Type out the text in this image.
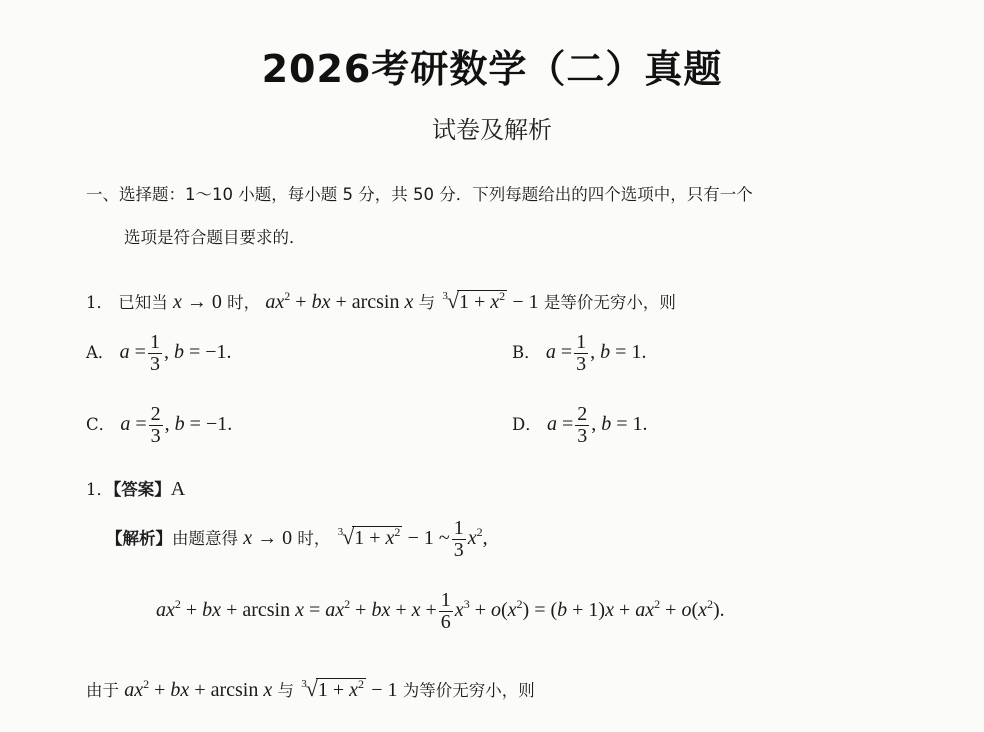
2026考研数学（二）真题
试卷及解析
一、选择题：1～10 小题，每小题 5 分，共 50 分．下列每题给出的四个选项中，只有一个
选项是符合题目要求的．
1． 已知当 x → 0 时， $ax^2$ + bx + arcsin x 与 $^3√1 + x^2 - 1$ 是等价无穷小，则
A． $a = \frac{1}{3}$ , b = −1.	B． $a = \frac{1}{3}$ , b = 1.
C． $a = \frac{2}{3}$ , b = −1.	D． $a = \frac{2}{3}$ , b = 1.
1．【答案】A
【解析】由题意得 x → 0 时， $^3√1 + x^2 - 1$ ~ $\frac{1}{3} x^2$,
$ax^2$ + bx + $\arcsin x = ax^2$ + bx + $x + \frac{1}{6} x^3 + o(x^2) = (b + 1)x + ax^2 + o(x^2)$.
由于 $ax^2$ + bx + arcsin x 与 $^3√1 + x^2 - 1$ 为等价无穷小，则
